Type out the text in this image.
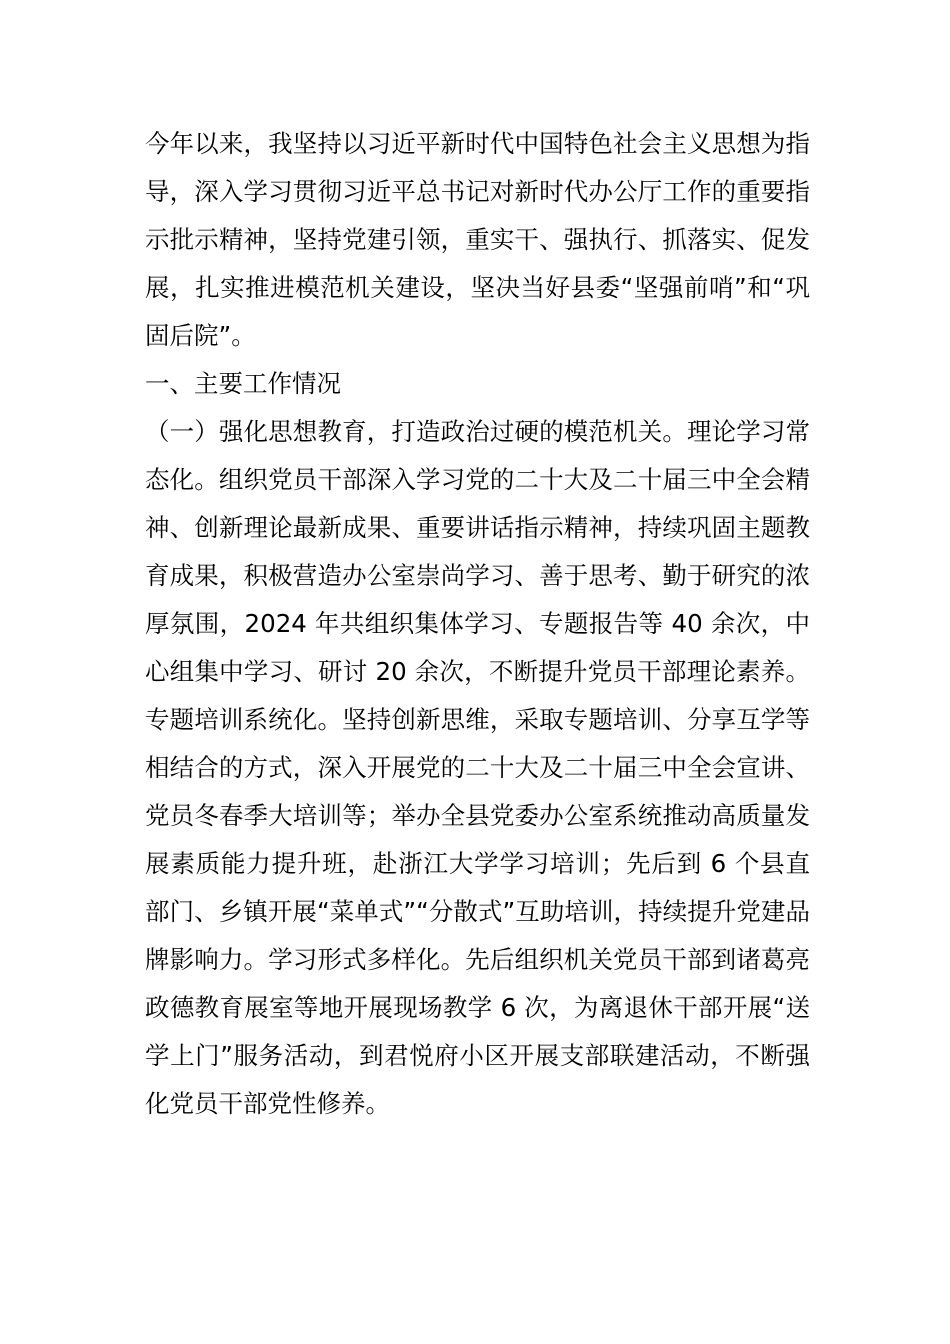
今年以来，我坚持以习近平新时代中国特色社会主义思想为指导，深入学习贯彻习近平总书记对新时代办公厅工作的重要指示批示精神，坚持党建引领，重实干、强执行、抓落实、促发展，扎实推进模范机关建设，坚决当好县委“坚强前哨”和“巩固后院”。

一、主要工作情况

（一）强化思想教育，打造政治过硬的模范机关。理论学习常态化。组织党员干部深入学习党的二十大及二十届三中全会精神、创新理论最新成果、重要讲话指示精神，持续巩固主题教育成果，积极营造办公室崇尚学习、善于思考、勤于研究的浓厚氛围，2024 年共组织集体学习、专题报告等 40 余次，中心组集中学习、研讨 20 余次，不断提升党员干部理论素养。专题培训系统化。坚持创新思维，采取专题培训、分享互学等相结合的方式，深入开展党的二十大及二十届三中全会宣讲、党员冬春季大培训等；举办全县党委办公室系统推动高质量发展素质能力提升班，赴浙江大学学习培训；先后到 6 个县直部门、乡镇开展“菜单式”“分散式”互助培训，持续提升党建品牌影响力。学习形式多样化。先后组织机关党员干部到诸葛亮政德教育展室等地开展现场教学 6 次，为离退休干部开展“送学上门”服务活动，到君悦府小区开展支部联建活动，不断强化党员干部党性修养。
